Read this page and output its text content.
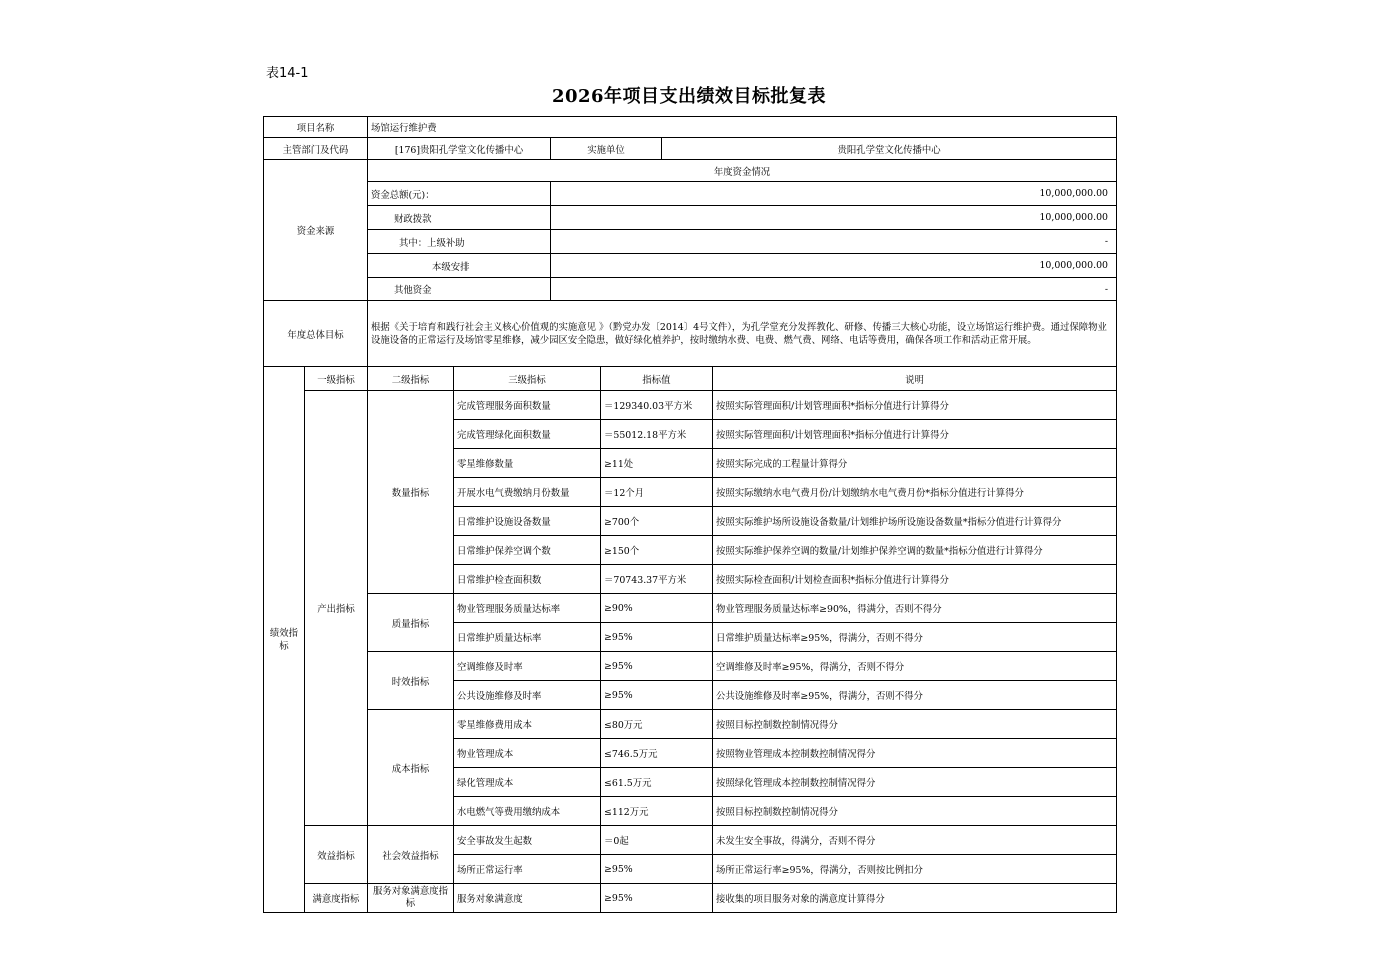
表14-1
2026年项目支出绩效目标批复表
项目名称	场馆运行维护费		
主管部门及代码	[176]贵阳孔学堂文化传播中心	实施单位	贵阳孔学堂文化传播中心
资金来源	年度资金情况		
	资金总额(元)：	10,000,000.00	
	财政拨款	10,000,000.00	
	其中：上级补助	-	
	本级安排	10,000,000.00	
	其他资金	-	
年度总体目标	根据《关于培育和践行社会主义核心价值观的实施意见 》（黔党办发〔2014〕4号文件），为孔学堂充分发挥教化、研修、传播三大核心功能，设立场馆运行维护费。通过保障物业设施设备的正常运行及场馆零星维修，减少园区安全隐患，做好绿化植养护，按时缴纳水费、电费、燃气费、网络、电话等费用，确保各项工作和活动正常开展。		
绩效指标	一级指标	二级指标	三级指标	指标值	说明
	产出指标	数量指标	完成管理服务面积数量	＝129340.03平方米	按照实际管理面积/计划管理面积*指标分值进行计算得分
			完成管理绿化面积数量	＝55012.18平方米	按照实际管理面积/计划管理面积*指标分值进行计算得分
			零星维修数量	≥11处	按照实际完成的工程量计算得分
			开展水电气费缴纳月份数量	＝12个月	按照实际缴纳水电气费月份/计划缴纳水电气费月份*指标分值进行计算得分
			日常维护设施设备数量	≥700个	按照实际维护场所设施设备数量/计划维护场所设施设备数量*指标分值进行计算得分
			日常维护保养空调个数	≥150个	按照实际维护保养空调的数量/计划维护保养空调的数量*指标分值进行计算得分
			日常维护检查面积数	＝70743.37平方米	按照实际检查面积/计划检查面积*指标分值进行计算得分
		质量指标	物业管理服务质量达标率	≥90%	物业管理服务质量达标率≥90%，得满分，否则不得分
			日常维护质量达标率	≥95%	日常维护质量达标率≥95%，得满分，否则不得分
		时效指标	空调维修及时率	≥95%	空调维修及时率≥95%，得满分，否则不得分
			公共设施维修及时率	≥95%	公共设施维修及时率≥95%，得满分，否则不得分
		成本指标	零星维修费用成本	≤80万元	按照目标控制数控制情况得分
			物业管理成本	≤746.5万元	按照物业管理成本控制数控制情况得分
			绿化管理成本	≤61.5万元	按照绿化管理成本控制数控制情况得分
			水电燃气等费用缴纳成本	≤112万元	按照目标控制数控制情况得分
	效益指标	社会效益指标	安全事故发生起数	＝0起	未发生安全事故，得满分，否则不得分
			场所正常运行率	≥95%	场所正常运行率≥95%，得满分，否则按比例扣分
	满意度指标	服务对象满意度指标	服务对象满意度	≥95%	接收集的项目服务对象的满意度计算得分
